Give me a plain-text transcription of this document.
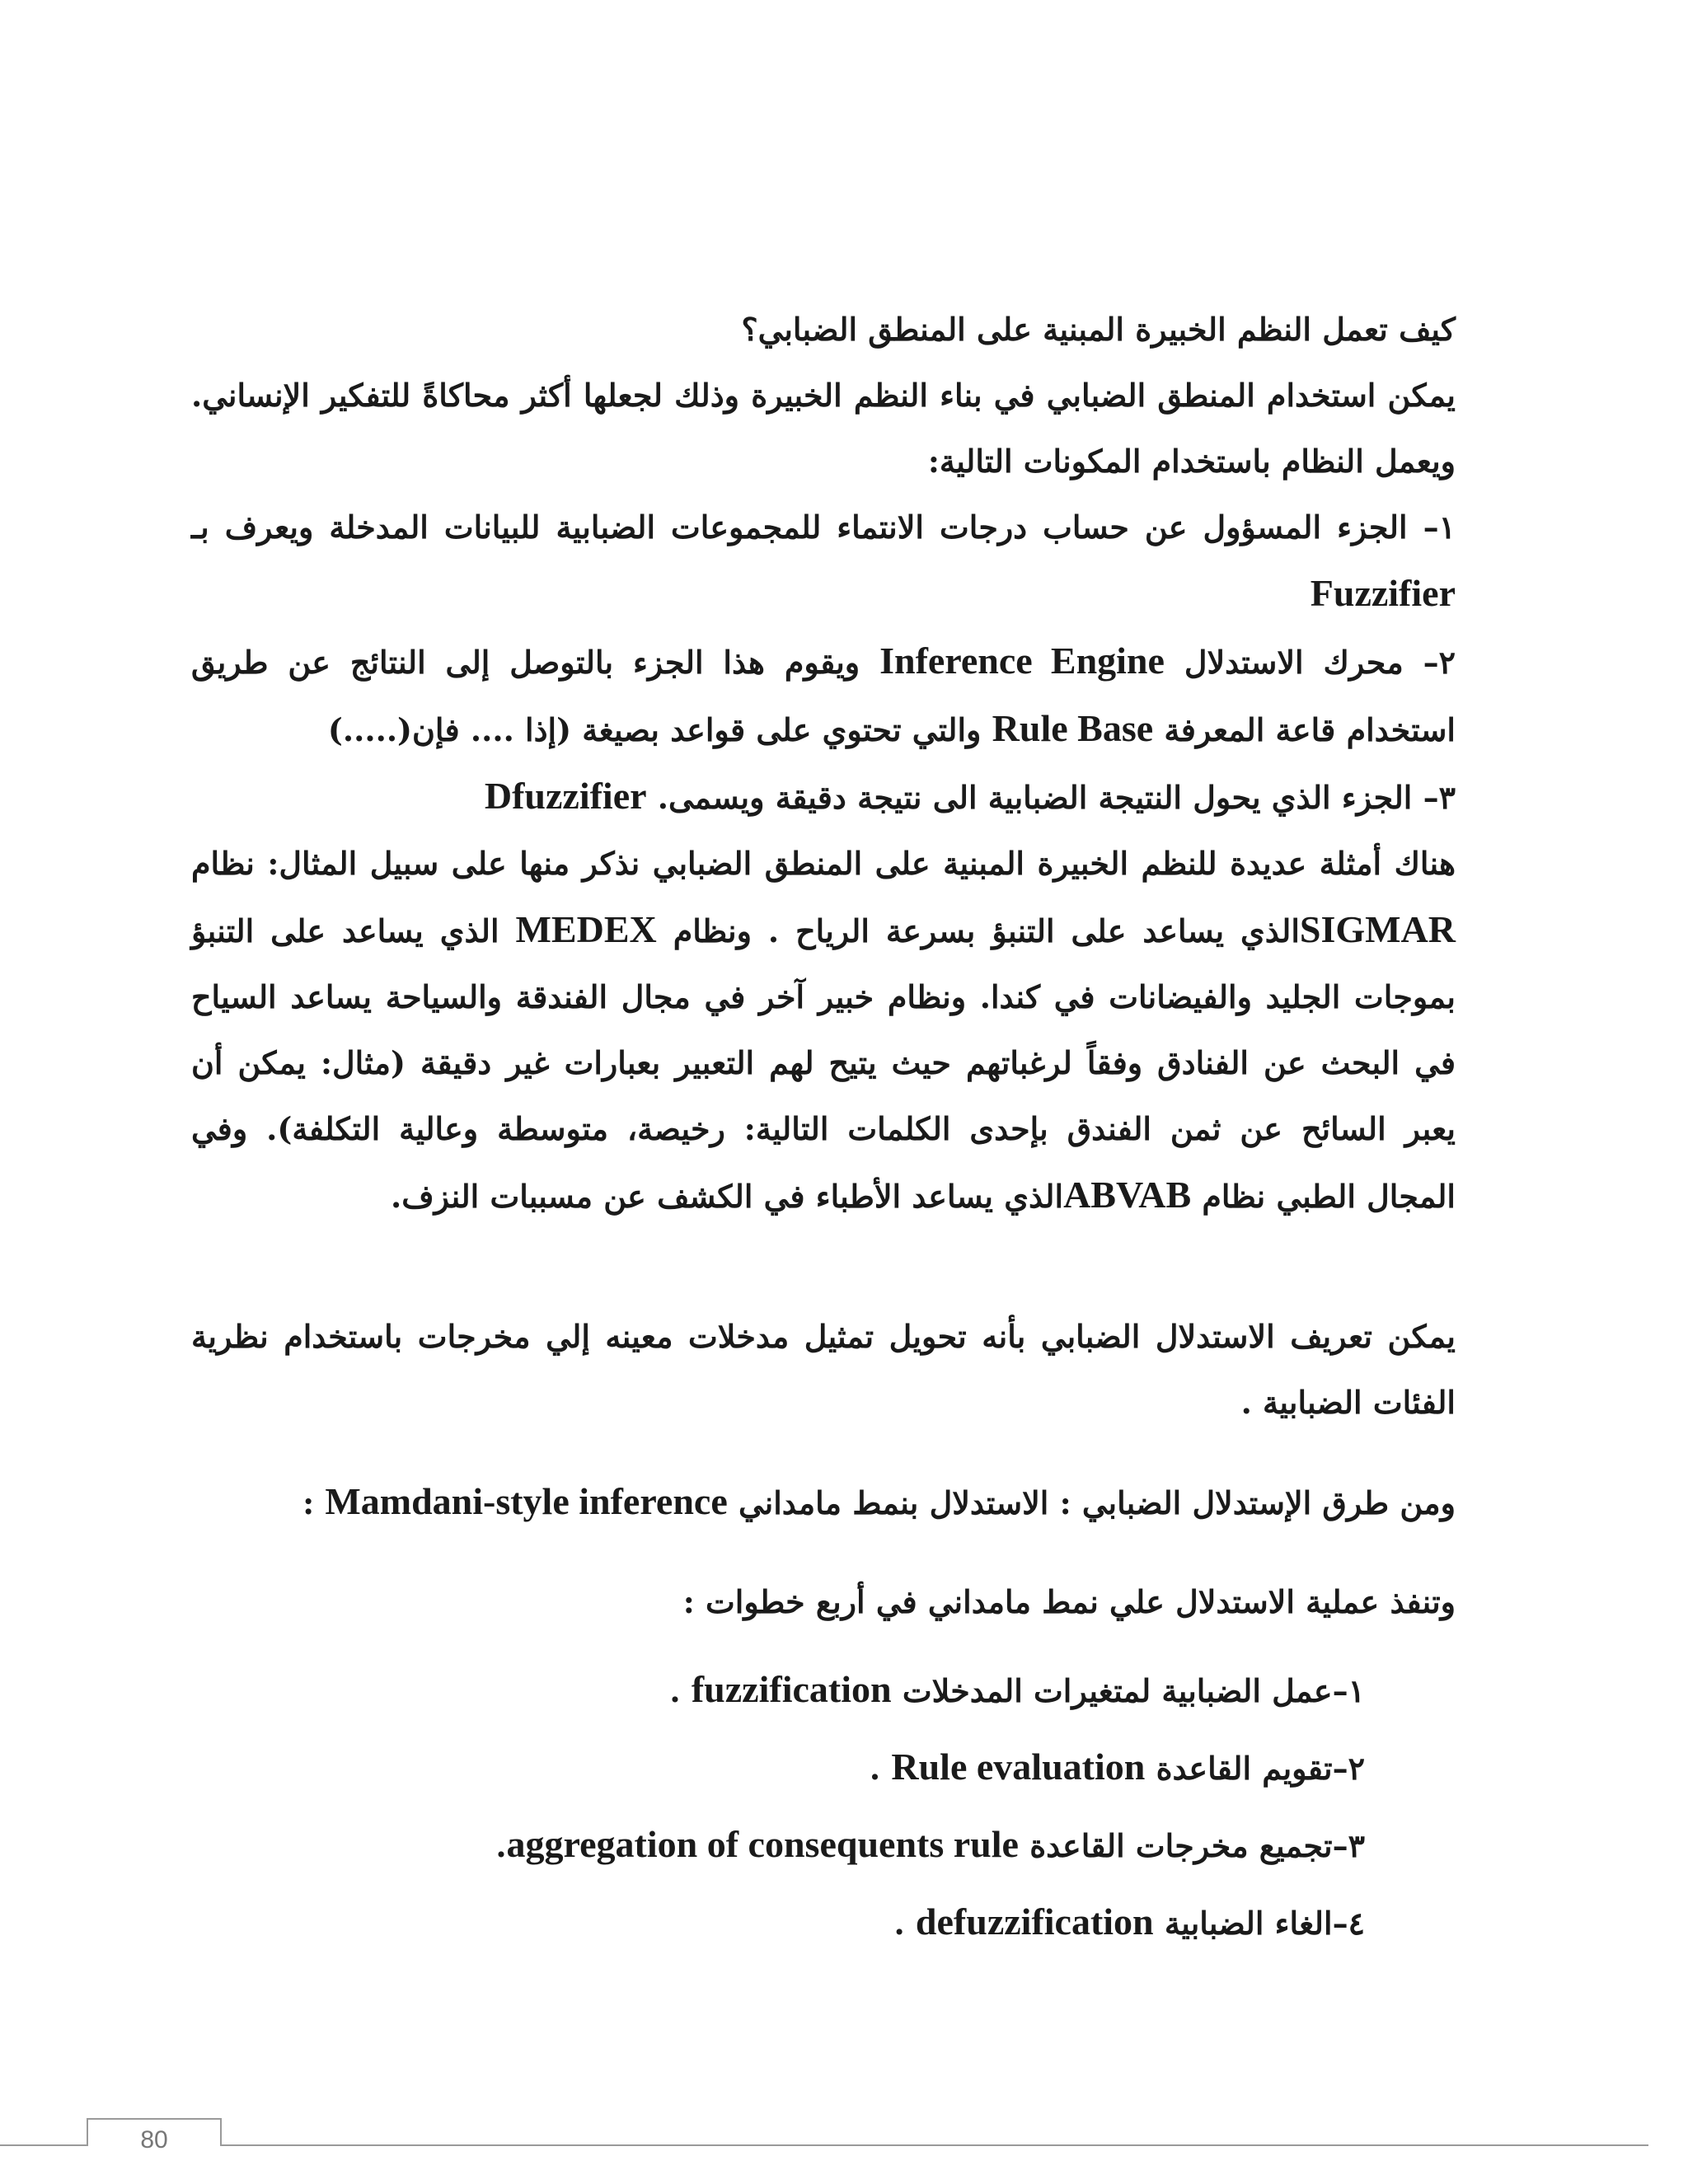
كيف تعمل النظم الخبيرة المبنية على المنطق الضبابي؟

يمكن استخدام المنطق الضبابي في بناء النظم الخبيرة وذلك لجعلها أكثر محاكاةً للتفكير الإنساني. ويعمل النظام باستخدام المكونات التالية:

١– الجزء المسؤول عن حساب درجات الانتماء للمجموعات الضبابية للبيانات المدخلة ويعرف بـ Fuzzifier

٢– محرك الاستدلال Inference Engine ويقوم هذا الجزء بالتوصل إلى النتائج عن طريق استخدام قاعة المعرفة Rule Base والتي تحتوي على قواعد بصيغة (إذا .... فإن(.....)

٣– الجزء الذي يحول النتيجة الضبابية الى نتيجة دقيقة ويسمى. Dfuzzifier

هناك أمثلة عديدة للنظم الخبيرة المبنية على المنطق الضبابي نذكر منها على سبيل المثال: نظام SIGMARالذي يساعد على التنبؤ بسرعة الرياح . ونظام MEDEX الذي يساعد على التنبؤ بموجات الجليد والفيضانات في كندا. ونظام خبير آخر في مجال الفندقة والسياحة يساعد السياح في البحث عن الفنادق وفقاً لرغباتهم حيث يتيح لهم التعبير بعبارات غير دقيقة (مثال: يمكن أن يعبر السائح عن ثمن الفندق بإحدى الكلمات التالية: رخيصة، متوسطة وعالية التكلفة). وفي المجال الطبي نظام ABVABالذي يساعد الأطباء في الكشف عن مسببات النزف.

يمكن تعريف الاستدلال الضبابي بأنه تحويل تمثيل مدخلات معينه إلي مخرجات باستخدام نظرية الفئات الضبابية .

ومن طرق الإستدلال الضبابي : الاستدلال بنمط مامداني Mamdani-style inference :

وتنفذ عملية الاستدلال علي نمط مامداني في أربع خطوات :

١–عمل الضبابية لمتغيرات المدخلات fuzzification .
٢–تقويم القاعدة Rule evaluation .
٣–تجميع مخرجات القاعدة aggregation of consequents rule.
٤–الغاء الضبابية defuzzification .
80
